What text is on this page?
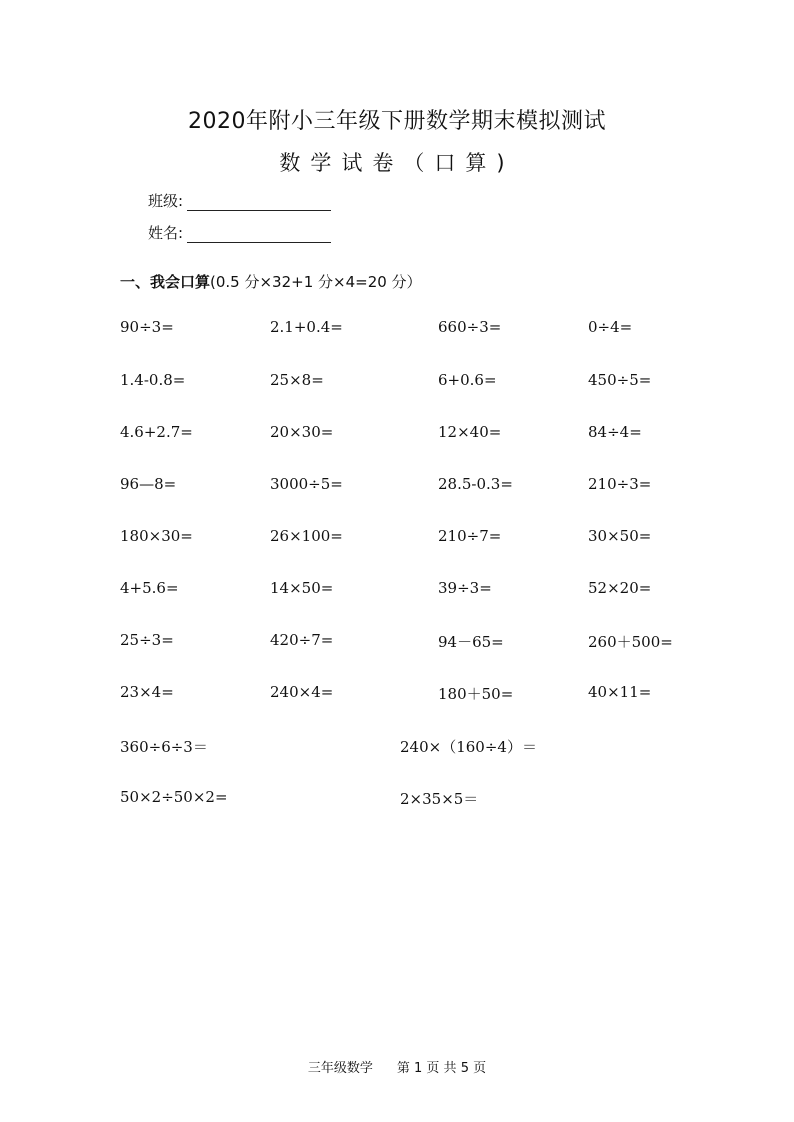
2020年附小三年级下册数学期末模拟测试
数学试卷（口算)
班级:
姓名:
一、我会口算(0.5 分×32+1 分×4=20 分）
90÷3=	2.1+0.4=	660÷3=	0÷4=
1.4-0.8=	25×8=	6+0.6=	450÷5=
4.6+2.7=	20×30=	12×40=	84÷4=
96—8=	3000÷5=	28.5-0.3=	210÷3=
180×30=	26×100=	210÷7=	30×50=
4+5.6=	14×50=	39÷3=	52×20=
25÷3=	420÷7=	94－65=	260＋500=
23×4=	240×4=	180＋50=	40×11=
360÷6÷3＝	240×（160÷4）＝
50×2÷50×2=	2×35×5＝
三年级数学 第 1 页 共 5 页
